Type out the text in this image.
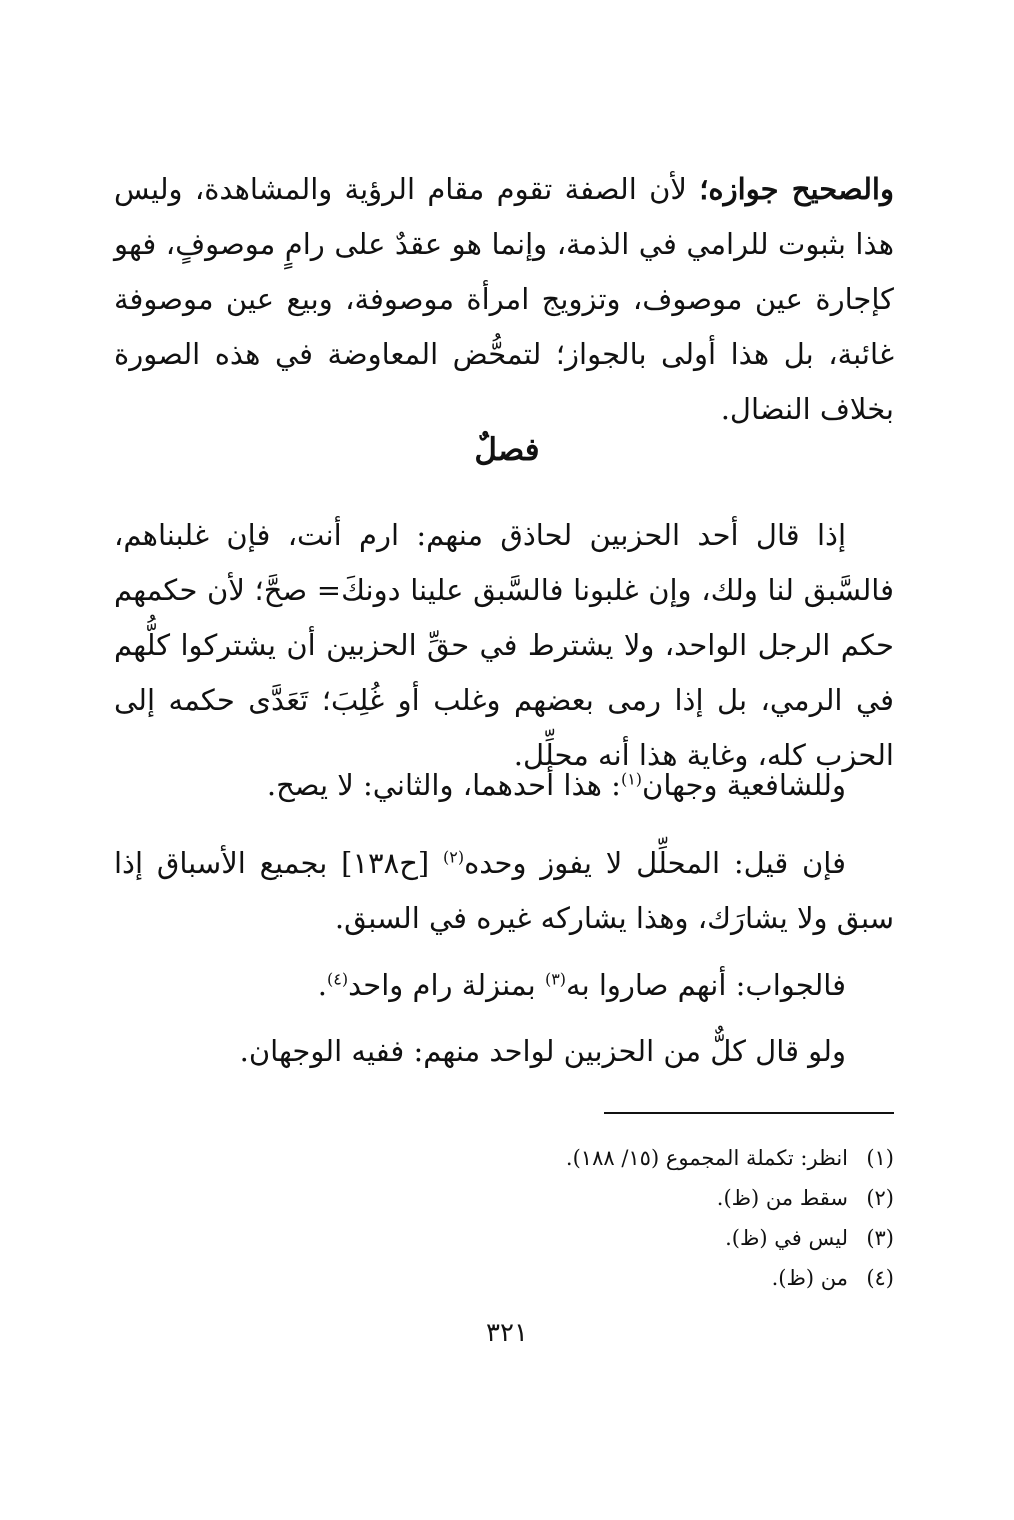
والصحيح جوازه؛ لأن الصفة تقوم مقام الرؤية والمشاهدة، وليس هذا بثبوت للرامي في الذمة، وإنما هو عقدٌ على رامٍ موصوفٍ، فهو كإجارة عين موصوف، وتزويج امرأة موصوفة، وبيع عين موصوفة غائبة، بل هذا أولى بالجواز؛ لتمحُّض المعاوضة في هذه الصورة بخلاف النضال.
فصلٌ
إذا قال أحد الحزبين لحاذق منهم: ارم أنت، فإن غلبناهم، فالسَّبق لنا ولك، وإن غلبونا فالسَّبق علينا دونكَ= صحَّ؛ لأن حكمهم حكم الرجل الواحد، ولا يشترط في حقِّ الحزبين أن يشتركوا كلُّهم في الرمي، بل إذا رمى بعضهم وغلب أو غُلِبَ؛ تَعَدَّى حكمه إلى الحزب كله، وغاية هذا أنه محلِّل.
وللشافعية وجهان$^{(١)}$: هذا أحدهما، والثاني: لا يصح.
فإن قيل: المحلِّل لا يفوز وحده$^{(٢)}$ [ح١٣٨] بجميع الأسباق إذا سبق ولا يشارَك، وهذا يشاركه غيره في السبق.
فالجواب: أنهم صاروا به$^{(٣)}$ بمنزلة رام واحد$^{(٤)}$.
ولو قال كلٌّ من الحزبين لواحد منهم: ففيه الوجهان.
(١)
انظر: تكملة المجموع (١٥/ ١٨٨).
(٢)
سقط من (ظ).
(٣)
ليس في (ظ).
(٤)
من (ظ).
٣٢١
